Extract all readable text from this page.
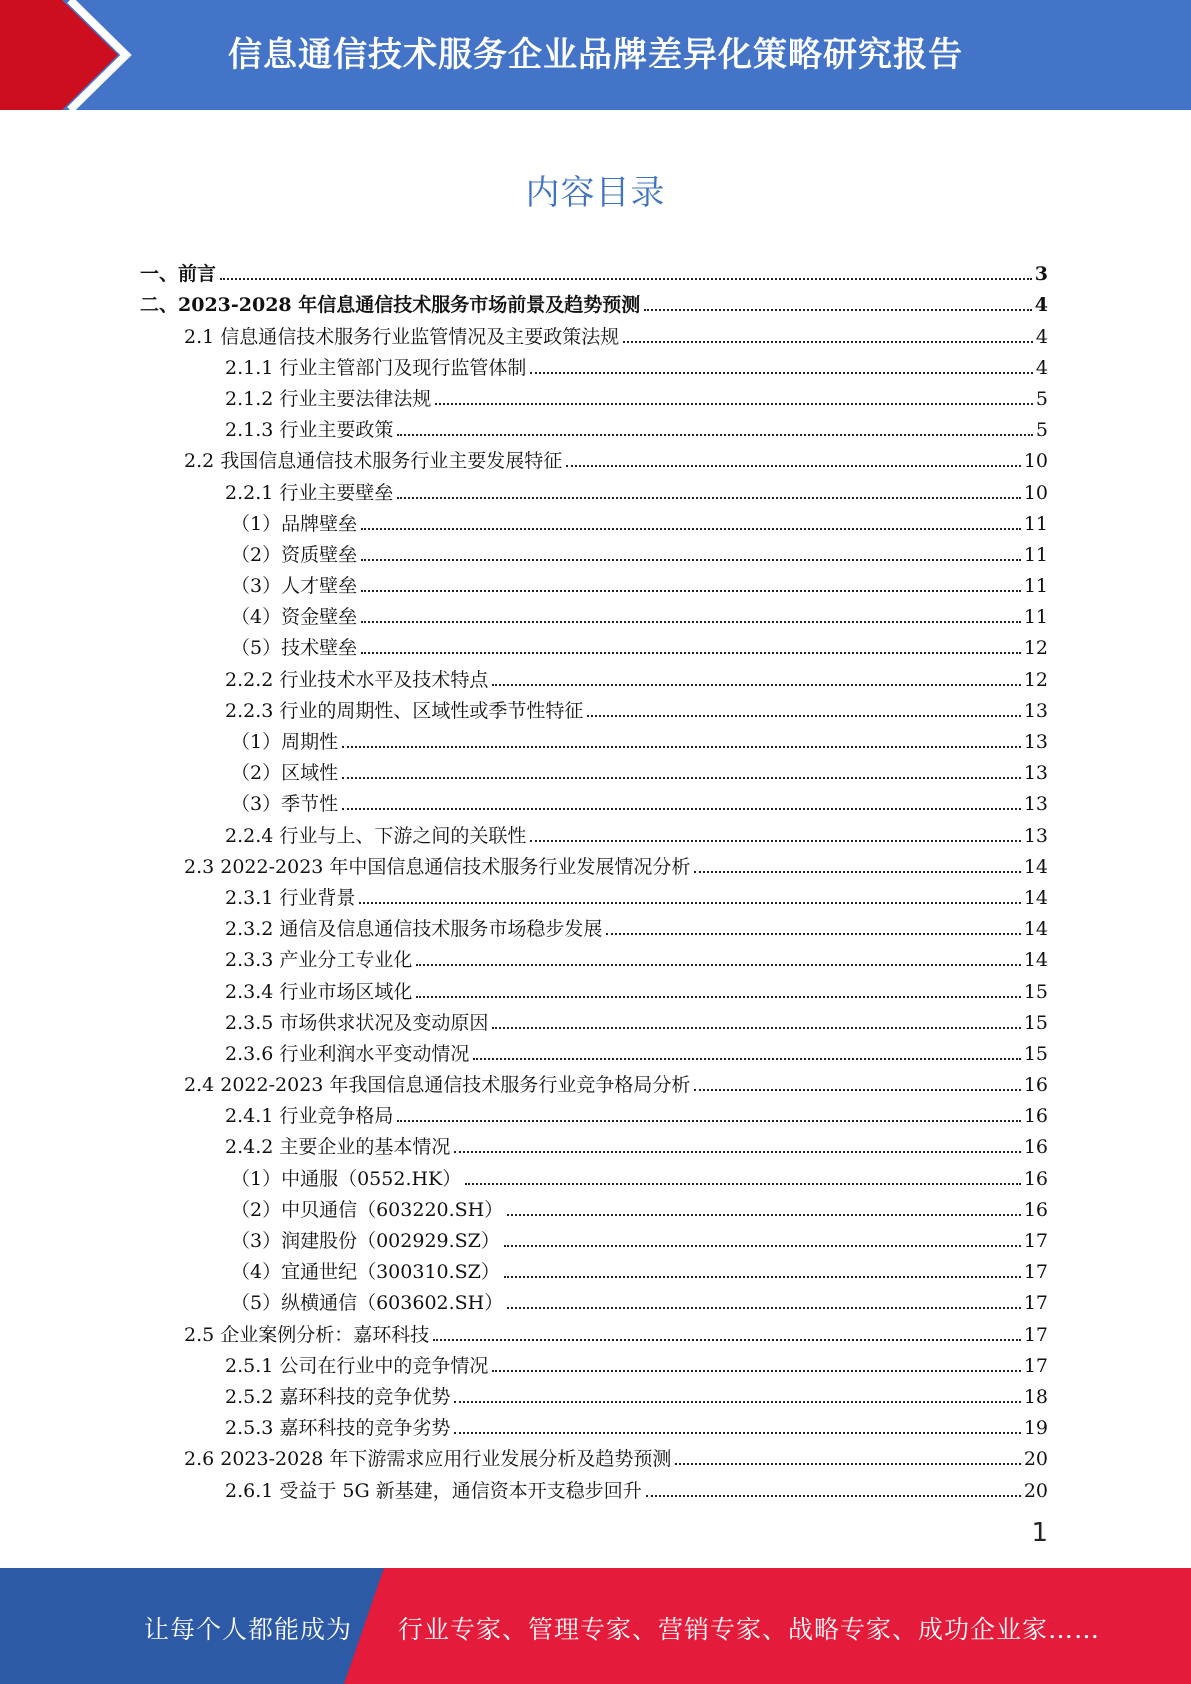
信息通信技术服务企业品牌差异化策略研究报告
内容目录
一、前言	3
二、2023-2028 年信息通信技术服务市场前景及趋势预测	4
2.1 信息通信技术服务行业监管情况及主要政策法规	4
2.1.1 行业主管部门及现行监管体制	4
2.1.2 行业主要法律法规	5
2.1.3 行业主要政策	5
2.2 我国信息通信技术服务行业主要发展特征	10
2.2.1 行业主要壁垒	10
（1）品牌壁垒	11
（2）资质壁垒	11
（3）人才壁垒	11
（4）资金壁垒	11
（5）技术壁垒	12
2.2.2 行业技术水平及技术特点	12
2.2.3 行业的周期性、区域性或季节性特征	13
（1）周期性	13
（2）区域性	13
（3）季节性	13
2.2.4 行业与上、下游之间的关联性	13
2.3 2022-2023 年中国信息通信技术服务行业发展情况分析	14
2.3.1 行业背景	14
2.3.2 通信及信息通信技术服务市场稳步发展	14
2.3.3 产业分工专业化	14
2.3.4 行业市场区域化	15
2.3.5 市场供求状况及变动原因	15
2.3.6 行业利润水平变动情况	15
2.4 2022-2023 年我国信息通信技术服务行业竞争格局分析	16
2.4.1 行业竞争格局	16
2.4.2 主要企业的基本情况	16
（1）中通服（0552.HK）	16
（2）中贝通信（603220.SH）	16
（3）润建股份（002929.SZ）	17
（4）宜通世纪（300310.SZ）	17
（5）纵横通信（603602.SH）	17
2.5 企业案例分析：嘉环科技	17
2.5.1 公司在行业中的竞争情况	17
2.5.2 嘉环科技的竞争优势	18
2.5.3 嘉环科技的竞争劣势	19
2.6 2023-2028 年下游需求应用行业发展分析及趋势预测	20
2.6.1 受益于 5G 新基建，通信资本开支稳步回升	20
1
让每个人都能成为 行业专家、管理专家、营销专家、战略专家、成功企业家……
